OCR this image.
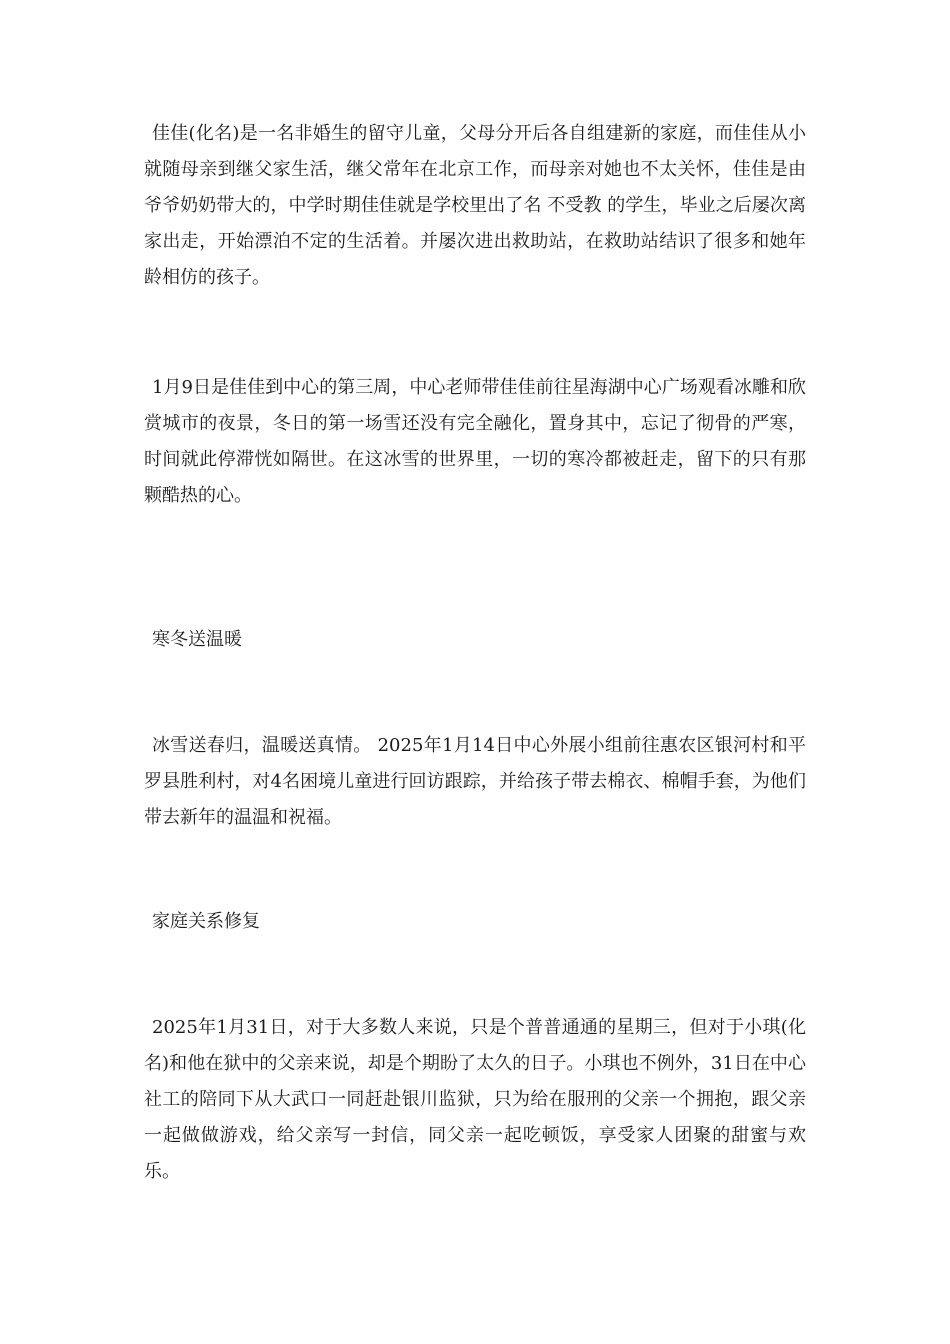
佳佳(化名)是一名非婚生的留守儿童，父母分开后各自组建新的家庭，而佳佳从小就随母亲到继父家生活，继父常年在北京工作，而母亲对她也不太关怀，佳佳是由爷爷奶奶带大的，中学时期佳佳就是学校里出了名 不受教 的学生，毕业之后屡次离家出走，开始漂泊不定的生活着。并屡次进出救助站，在救助站结识了很多和她年龄相仿的孩子。

1月9日是佳佳到中心的第三周，中心老师带佳佳前往星海湖中心广场观看冰雕和欣赏城市的夜景，冬日的第一场雪还没有完全融化，置身其中，忘记了彻骨的严寒，时间就此停滞恍如隔世。在这冰雪的世界里，一切的寒冷都被赶走，留下的只有那颗酷热的心。

寒冬送温暖

冰雪送春归，温暖送真情。 2025年1月14日中心外展小组前往惠农区银河村和平罗县胜利村，对4名困境儿童进行回访跟踪，并给孩子带去棉衣、棉帽手套，为他们带去新年的温温和祝福。

家庭关系修复

2025年1月31日，对于大多数人来说，只是个普普通通的星期三，但对于小琪(化名)和他在狱中的父亲来说，却是个期盼了太久的日子。小琪也不例外，31日在中心社工的陪同下从大武口一同赶赴银川监狱，只为给在服刑的父亲一个拥抱，跟父亲一起做做游戏，给父亲写一封信，同父亲一起吃顿饭，享受家人团聚的甜蜜与欢乐。
